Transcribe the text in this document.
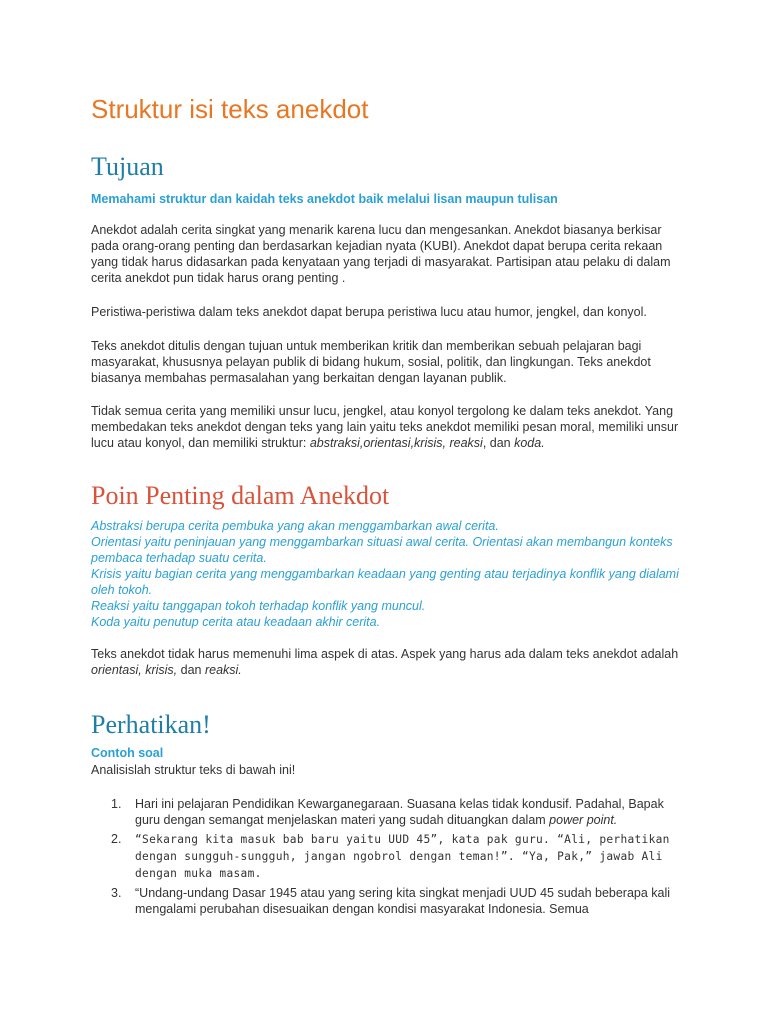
Struktur isi teks anekdot
Tujuan

Memahami struktur dan kaidah teks anekdot baik melalui lisan maupun tulisan

Anekdot adalah cerita singkat yang menarik karena lucu dan mengesankan. Anekdot biasanya berkisar pada orang-orang penting dan berdasarkan kejadian nyata (KUBI). Anekdot dapat berupa cerita rekaan yang tidak harus didasarkan pada kenyataan yang terjadi di masyarakat. Partisipan atau pelaku di dalam cerita anekdot pun tidak harus orang penting .

Peristiwa-peristiwa dalam teks anekdot dapat berupa peristiwa lucu atau humor, jengkel, dan konyol.

Teks anekdot ditulis dengan tujuan untuk memberikan kritik dan memberikan sebuah pelajaran bagi masyarakat, khususnya pelayan publik di bidang hukum, sosial, politik, dan lingkungan. Teks anekdot biasanya membahas permasalahan yang berkaitan dengan layanan publik.

Tidak semua cerita yang memiliki unsur lucu, jengkel, atau konyol tergolong ke dalam teks anekdot. Yang membedakan teks anekdot dengan teks yang lain yaitu teks anekdot memiliki pesan moral, memiliki unsur lucu atau konyol, dan memiliki struktur: abstraksi,orientasi,krisis, reaksi, dan koda.

Poin Penting dalam Anekdot
Abstraksi berupa cerita pembuka yang akan menggambarkan awal cerita.
Orientasi yaitu peninjauan yang menggambarkan situasi awal cerita. Orientasi akan membangun konteks pembaca terhadap suatu cerita.
Krisis yaitu bagian cerita yang menggambarkan keadaan yang genting atau terjadinya konflik yang dialami oleh tokoh.
Reaksi yaitu tanggapan tokoh terhadap konflik yang muncul.
Koda yaitu penutup cerita atau keadaan akhir cerita.

Teks anekdot tidak harus memenuhi lima aspek di atas. Aspek yang harus ada dalam teks anekdot adalah orientasi, krisis, dan reaksi.

Perhatikan!

Contoh soal

Analisislah struktur teks di bawah ini!

1. Hari ini pelajaran Pendidikan Kewarganegaraan. Suasana kelas tidak kondusif. Padahal, Bapak guru dengan semangat menjelaskan materi yang sudah dituangkan dalam power point.
2. “Sekarang kita masuk bab baru yaitu UUD 45”, kata pak guru. “Ali, perhatikan dengan sungguh-sungguh, jangan ngobrol dengan teman!”. “Ya, Pak,” jawab Ali dengan muka masam.
3. “Undang-undang Dasar 1945 atau yang sering kita singkat menjadi UUD 45 sudah beberapa kali mengalami perubahan disesuaikan dengan kondisi masyarakat Indonesia. Semua
